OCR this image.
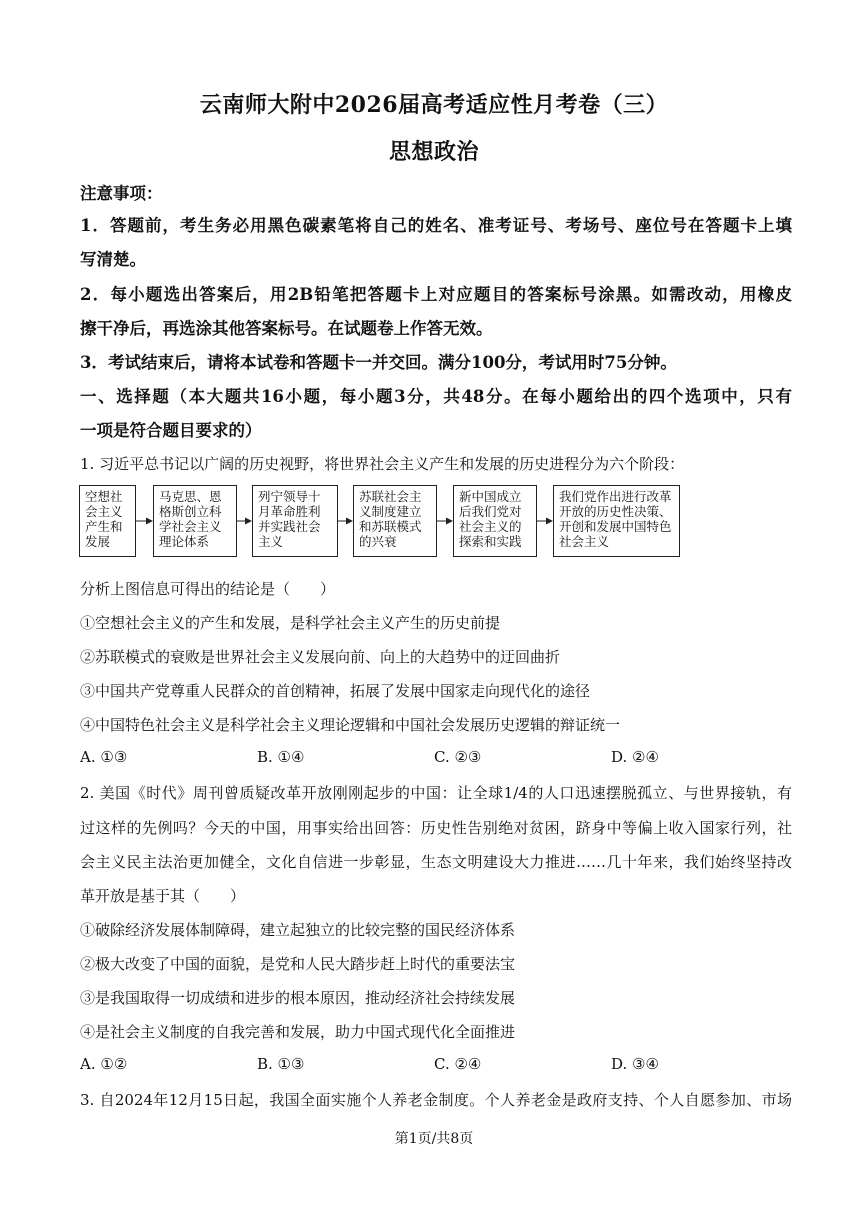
云南师大附中2026届高考适应性月考卷（三）
思想政治
注意事项：
1．答题前，考生务必用黑色碳素笔将自己的姓名、准考证号、考场号、座位号在答题卡上填
写清楚。
2．每小题选出答案后，用2B铅笔把答题卡上对应题目的答案标号涂黑。如需改动，用橡皮
擦干净后，再选涂其他答案标号。在试题卷上作答无效。
3．考试结束后，请将本试卷和答题卡一并交回。满分100分，考试用时75分钟。
一、选择题（本大题共16小题，每小题3分，共48分。在每小题给出的四个选项中，只有
一项是符合题目要求的）
1. 习近平总书记以广阔的历史视野，将世界社会主义产生和发展的历史进程分为六个阶段：
空想社会主义产生和发展
马克思、恩格斯创立科学社会主义理论体系
列宁领导十月革命胜利并实践社会主义
苏联社会主义制度建立和苏联模式的兴衰
新中国成立后我们党对社会主义的探索和实践
我们党作出进行改革开放的历史性决策、开创和发展中国特色社会主义
分析上图信息可得出的结论是（　　）
①空想社会主义的产生和发展，是科学社会主义产生的历史前提
②苏联模式的衰败是世界社会主义发展向前、向上的大趋势中的迂回曲折
③中国共产党尊重人民群众的首创精神，拓展了发展中国家走向现代化的途径
④中国特色社会主义是科学社会主义理论逻辑和中国社会发展历史逻辑的辩证统一
A. ①③	B. ①④	C. ②③	D. ②④
2. 美国《时代》周刊曾质疑改革开放刚刚起步的中国：让全球1/4的人口迅速摆脱孤立、与世界接轨，有
过这样的先例吗？今天的中国，用事实给出回答：历史性告别绝对贫困，跻身中等偏上收入国家行列，社
会主义民主法治更加健全，文化自信进一步彰显，生态文明建设大力推进……几十年来，我们始终坚持改
革开放是基于其（　　）
①破除经济发展体制障碍，建立起独立的比较完整的国民经济体系
②极大改变了中国的面貌，是党和人民大踏步赶上时代的重要法宝
③是我国取得一切成绩和进步的根本原因，推动经济社会持续发展
④是社会主义制度的自我完善和发展，助力中国式现代化全面推进
A. ①②	B. ①③	C. ②④	D. ③④
3. 自2024年12月15日起，我国全面实施个人养老金制度。个人养老金是政府支持、个人自愿参加、市场
第1页/共8页
